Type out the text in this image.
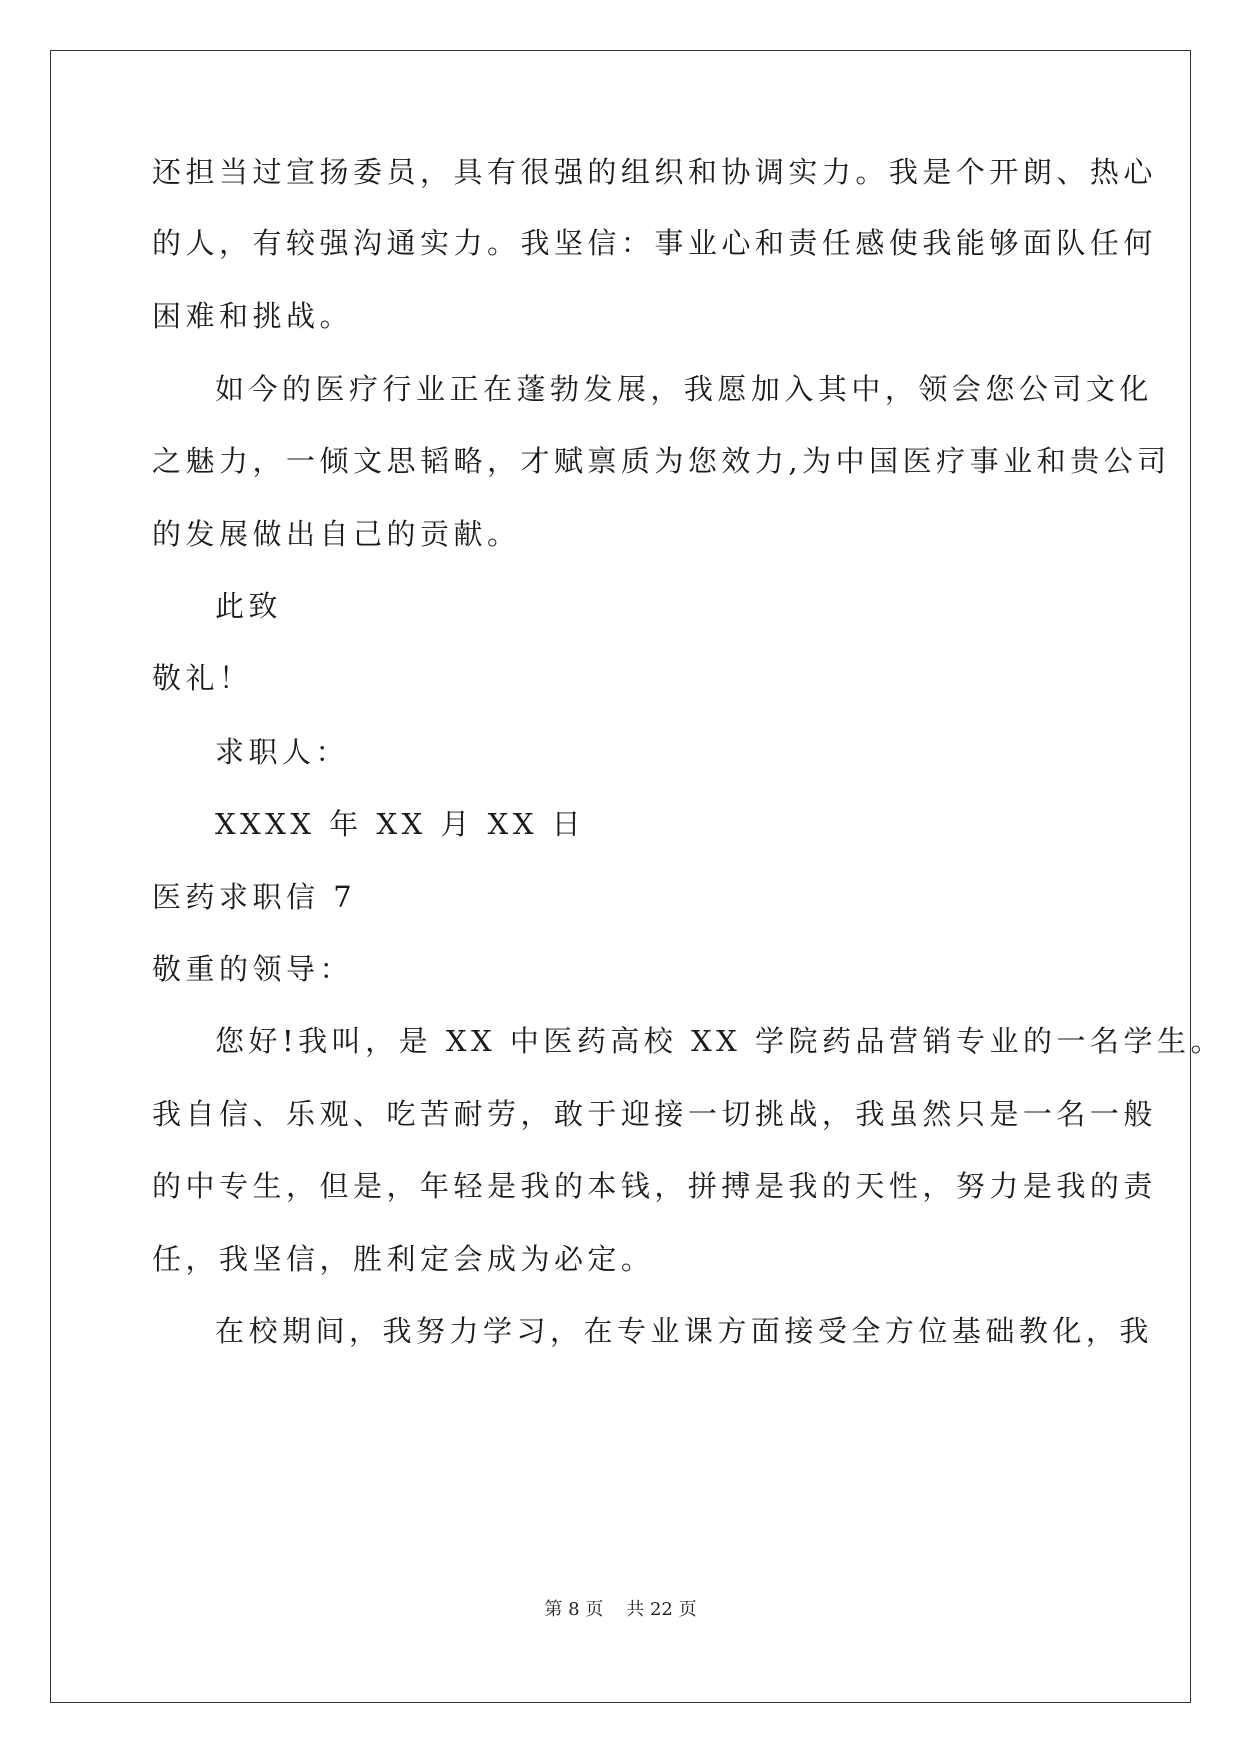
还担当过宣扬委员，具有很强的组织和协调实力。我是个开朗、热心
的人，有较强沟通实力。我坚信：事业心和责任感使我能够面队任何
困难和挑战。
如今的医疗行业正在蓬勃发展，我愿加入其中，领会您公司文化
之魅力，一倾文思韬略，才赋禀质为您效力,为中国医疗事业和贵公司
的发展做出自己的贡献。
此致
敬礼！
求职人：
XXXX 年 XX 月 XX 日
医药求职信 7
敬重的领导：
您好!我叫，是 XX 中医药高校 XX 学院药品营销专业的一名学生。
我自信、乐观、吃苦耐劳，敢于迎接一切挑战，我虽然只是一名一般
的中专生，但是，年轻是我的本钱，拼搏是我的天性，努力是我的责
任，我坚信，胜利定会成为必定。
在校期间，我努力学习，在专业课方面接受全方位基础教化，我
第 8 页 共 22 页
